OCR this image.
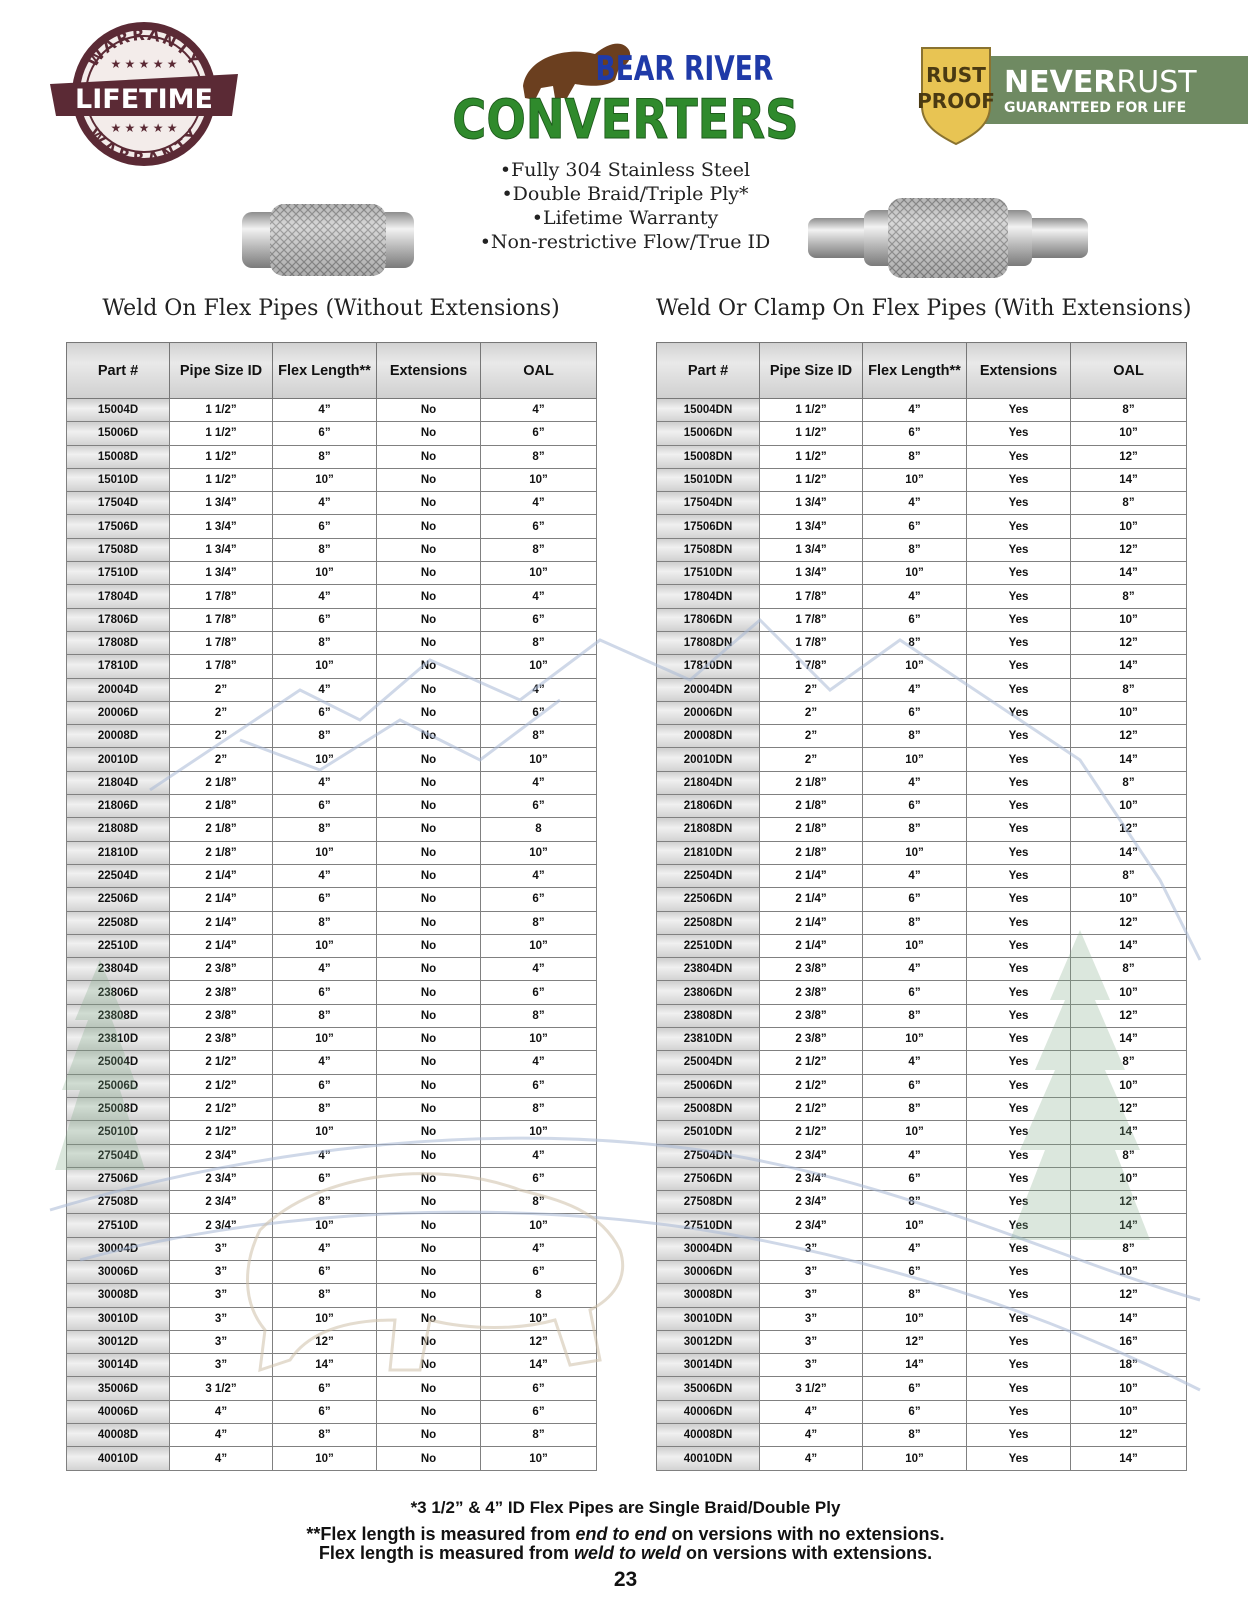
WARRANTY
WARRANTY
LIFETIME
★ ★ ★ ★ ★
★ ★ ★ ★ ★
BEAR RIVER
CONVERTERS
RUST
PROOF
NEVERRUST
GUARANTEED FOR LIFE
•Fully 304 Stainless Steel
•Double Braid/Triple Ply*
•Lifetime Warranty
•Non-restrictive Flow/True ID
Weld On Flex Pipes (Without Extensions)	Weld Or Clamp On Flex Pipes (With Extensions)
Part #	Pipe Size ID	Flex Length**	Extensions	OAL
15004D	1 1/2”	4”	No	4”
15006D	1 1/2”	6”	No	6”
15008D	1 1/2”	8”	No	8”
15010D	1 1/2”	10”	No	10”
17504D	1 3/4”	4”	No	4”
17506D	1 3/4”	6”	No	6”
17508D	1 3/4”	8”	No	8”
17510D	1 3/4”	10”	No	10”
17804D	1 7/8”	4”	No	4”
17806D	1 7/8”	6”	No	6”
17808D	1 7/8”	8”	No	8”
17810D	1 7/8”	10”	No	10”
20004D	2”	4”	No	4”
20006D	2”	6”	No	6”
20008D	2”	8”	No	8”
20010D	2”	10”	No	10”
21804D	2 1/8”	4”	No	4”
21806D	2 1/8”	6”	No	6”
21808D	2 1/8”	8”	No	8
21810D	2 1/8”	10”	No	10”
22504D	2 1/4”	4”	No	4”
22506D	2 1/4”	6”	No	6”
22508D	2 1/4”	8”	No	8”
22510D	2 1/4”	10”	No	10”
23804D	2 3/8”	4”	No	4”
23806D	2 3/8”	6”	No	6”
23808D	2 3/8”	8”	No	8”
23810D	2 3/8”	10”	No	10”
25004D	2 1/2”	4”	No	4”
25006D	2 1/2”	6”	No	6”
25008D	2 1/2”	8”	No	8”
25010D	2 1/2”	10”	No	10”
27504D	2 3/4”	4”	No	4”
27506D	2 3/4”	6”	No	6”
27508D	2 3/4”	8”	No	8”
27510D	2 3/4”	10”	No	10”
30004D	3”	4”	No	4”
30006D	3”	6”	No	6”
30008D	3”	8”	No	8
30010D	3”	10”	No	10”
30012D	3”	12”	No	12”
30014D	3”	14”	No	14”
35006D	3 1/2”	6”	No	6”
40006D	4”	6”	No	6”
40008D	4”	8”	No	8”
40010D	4”	10”	No	10”
Part #	Pipe Size ID	Flex Length**	Extensions	OAL
15004DN	1 1/2”	4”	Yes	8”
15006DN	1 1/2”	6”	Yes	10”
15008DN	1 1/2”	8”	Yes	12”
15010DN	1 1/2”	10”	Yes	14”
17504DN	1 3/4”	4”	Yes	8”
17506DN	1 3/4”	6”	Yes	10”
17508DN	1 3/4”	8”	Yes	12”
17510DN	1 3/4”	10”	Yes	14”
17804DN	1 7/8”	4”	Yes	8”
17806DN	1 7/8”	6”	Yes	10”
17808DN	1 7/8”	8”	Yes	12”
17810DN	1 7/8”	10”	Yes	14”
20004DN	2”	4”	Yes	8”
20006DN	2”	6”	Yes	10”
20008DN	2”	8”	Yes	12”
20010DN	2”	10”	Yes	14”
21804DN	2 1/8”	4”	Yes	8”
21806DN	2 1/8”	6”	Yes	10”
21808DN	2 1/8”	8”	Yes	12”
21810DN	2 1/8”	10”	Yes	14”
22504DN	2 1/4”	4”	Yes	8”
22506DN	2 1/4”	6”	Yes	10”
22508DN	2 1/4”	8”	Yes	12”
22510DN	2 1/4”	10”	Yes	14”
23804DN	2 3/8”	4”	Yes	8”
23806DN	2 3/8”	6”	Yes	10”
23808DN	2 3/8”	8”	Yes	12”
23810DN	2 3/8”	10”	Yes	14”
25004DN	2 1/2”	4”	Yes	8”
25006DN	2 1/2”	6”	Yes	10”
25008DN	2 1/2”	8”	Yes	12”
25010DN	2 1/2”	10”	Yes	14”
27504DN	2 3/4”	4”	Yes	8”
27506DN	2 3/4”	6”	Yes	10”
27508DN	2 3/4”	8”	Yes	12”
27510DN	2 3/4”	10”	Yes	14”
30004DN	3”	4”	Yes	8”
30006DN	3”	6”	Yes	10”
30008DN	3”	8”	Yes	12”
30010DN	3”	10”	Yes	14”
30012DN	3”	12”	Yes	16”
30014DN	3”	14”	Yes	18”
35006DN	3 1/2”	6”	Yes	10”
40006DN	4”	6”	Yes	10”
40008DN	4”	8”	Yes	12”
40010DN	4”	10”	Yes	14”
*3 1/2” & 4” ID Flex Pipes are Single Braid/Double Ply
**Flex length is measured from end to end on versions with no extensions.
Flex length is measured from weld to weld on versions with extensions.
23
